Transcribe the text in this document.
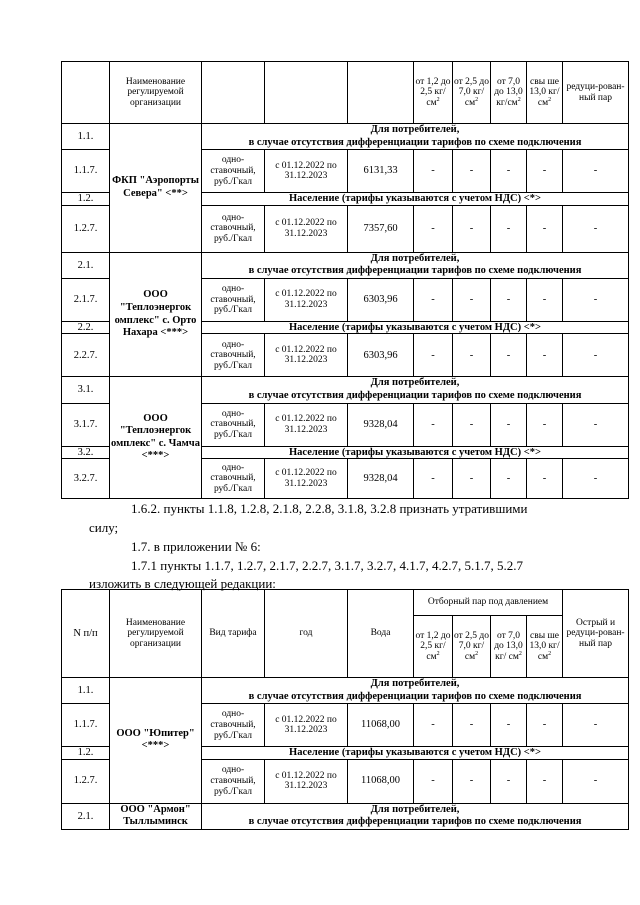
	Наименование регулируемой организации				от 1,2 до 2,5 $кг/см^2$	от 2,5 до 7,0 $кг/см^2$	от 7,0 до 13,0 $кг/см^2$	свы ше 13,0 $кг/см^2$	редуци-рован-ный пар
1.1.	ФКП "Аэропорты Севера" <**>	Для потребителей,
в случае отсутствия дифференциации тарифов по схеме подключения							

1.1.7.		одно-ставочный, руб./Гкал	с 01.12.2022 по 31.12.2023	6131,33	-	-	-	-	-
1.2.		Население (тарифы указываются с учетом НДС) <*>							
1.2.7.		одно-ставочный, руб./Гкал	с 01.12.2022 по 31.12.2023	7357,60	-	-	-	-	-
2.1.	ООО "Теплоэнергок омплекс" с. Орто Нахара <***>	Для потребителей,
в случае отсутствия дифференциации тарифов по схеме подключения							

2.1.7.		одно-ставочный, руб./Гкал	с 01.12.2022 по 31.12.2023	6303,96	-	-	-	-	-
2.2.		Население (тарифы указываются с учетом НДС) <*>							
2.2.7.		одно-ставочный, руб./Гкал	с 01.12.2022 по 31.12.2023	6303,96	-	-	-	-	-
3.1.	ООО "Теплоэнергок омплекс" с. Чамча <***>	Для потребителей,
в случае отсутствия дифференциации тарифов по схеме подключения							

3.1.7.		одно-ставочный, руб./Гкал	с 01.12.2022 по 31.12.2023	9328,04	-	-	-	-	-
3.2.		Население (тарифы указываются с учетом НДС) <*>							
3.2.7.		одно-ставочный, руб./Гкал	с 01.12.2022 по 31.12.2023	9328,04	-	-	-	-	-
1.6.2. пункты 1.1.8, 1.2.8, 2.1.8, 2.2.8, 3.1.8, 3.2.8 признать утратившими
силу;
1.7. в приложении № 6:
1.7.1 пункты 1.1.7, 1.2.7, 2.1.7, 2.2.7, 3.1.7, 3.2.7, 4.1.7, 4.2.7, 5.1.7, 5.2.7
изложить в следующей редакции:
N п/п	Наименование регулируемой организации	Вид тарифа	год	Вода	Отборный пар под давлением				Острый и редуци-рован-ный пар
					от 1,2 до 2,5 кг/ $см^2$	от 2,5 до 7,0 кг/ $см^2$	от 7,0 до 13,0 кг/ $см^2$	свы ше 13,0 кг/ $см^2$
1.1.	ООО "Юпитер" <***>	Для потребителей,
в случае отсутствия дифференциации тарифов по схеме подключения							

1.1.7.		одно-ставочный, руб./Гкал	с 01.12.2022 по 31.12.2023	11068,00	-	-	-	-	-
1.2.		Население (тарифы указываются с учетом НДС) <*>							
1.2.7.		одно-ставочный, руб./Гкал	с 01.12.2022 по 31.12.2023	11068,00	-	-	-	-	-
2.1.	ООО "Армон" Тыллыминск	Для потребителей,
в случае отсутствия дифференциации тарифов по схеме подключения							
